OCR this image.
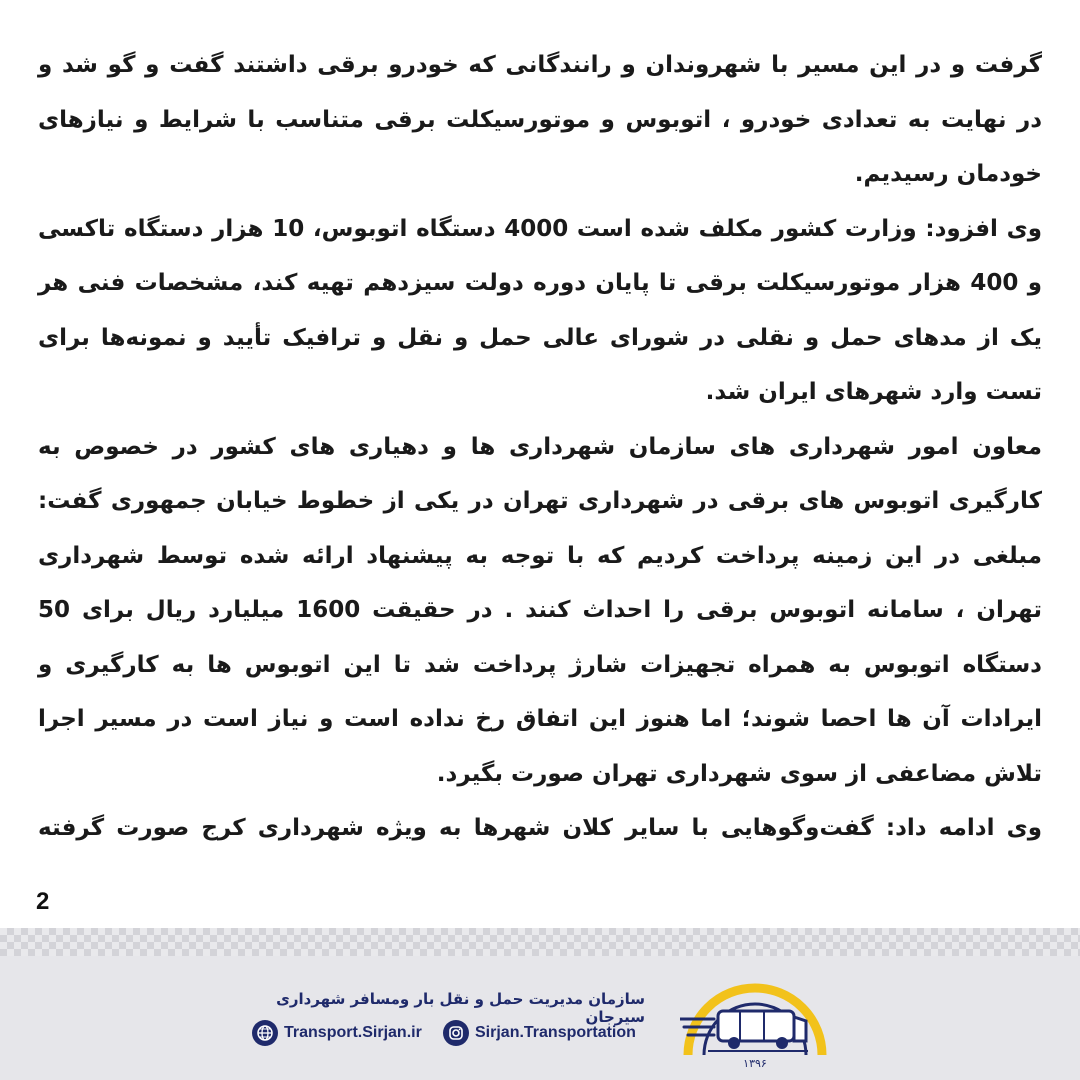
گرفت و در این مسیر با شهروندان و رانندگانی که خودرو برقی داشتند گفت و گو شد و در نهایت به تعدادی خودرو ، اتوبوس و موتورسیکلت برقی متناسب با شرایط و نیازهای خودمان رسیدیم.

وی افزود: وزارت کشور مکلف شده است 4000 دستگاه اتوبوس، 10 هزار دستگاه تاکسی و 400 هزار موتورسیکلت برقی تا پایان دوره دولت سیزدهم تهیه کند، مشخصات فنی هر یک از مدهای حمل و نقلی در شورای عالی حمل و نقل و ترافیک تأیید و نمونه‌ها برای تست وارد شهرهای ایران شد.

معاون امور شهرداری های سازمان شهرداری ها و دهیاری های کشور در خصوص به کارگیری اتوبوس های برقی در شهرداری تهران در یکی از خطوط خیابان جمهوری گفت: مبلغی در این زمینه پرداخت کردیم که با توجه به پیشنهاد ارائه شده توسط شهرداری تهران ، سامانه اتوبوس برقی را احداث کنند . در حقیقت 1600 میلیارد ریال برای 50 دستگاه اتوبوس به همراه تجهیزات شارژ پرداخت شد تا این اتوبوس ها به کارگیری و ایرادات آن ها احصا شوند؛ اما هنوز این اتفاق رخ نداده است و نیاز است در مسیر اجرا تلاش مضاعفی از سوی شهرداری تهران صورت بگیرد.

وی ادامه داد: گفت‌وگوهایی با سایر کلان شهرها به ویژه شهرداری کرج صورت گرفته

2
سازمان مدیریت حمل و نقل بار ومسافر شهرداری سیرجان
Transport.Sirjan.ir	Sirjan.Transportation
۱۳۹۶
